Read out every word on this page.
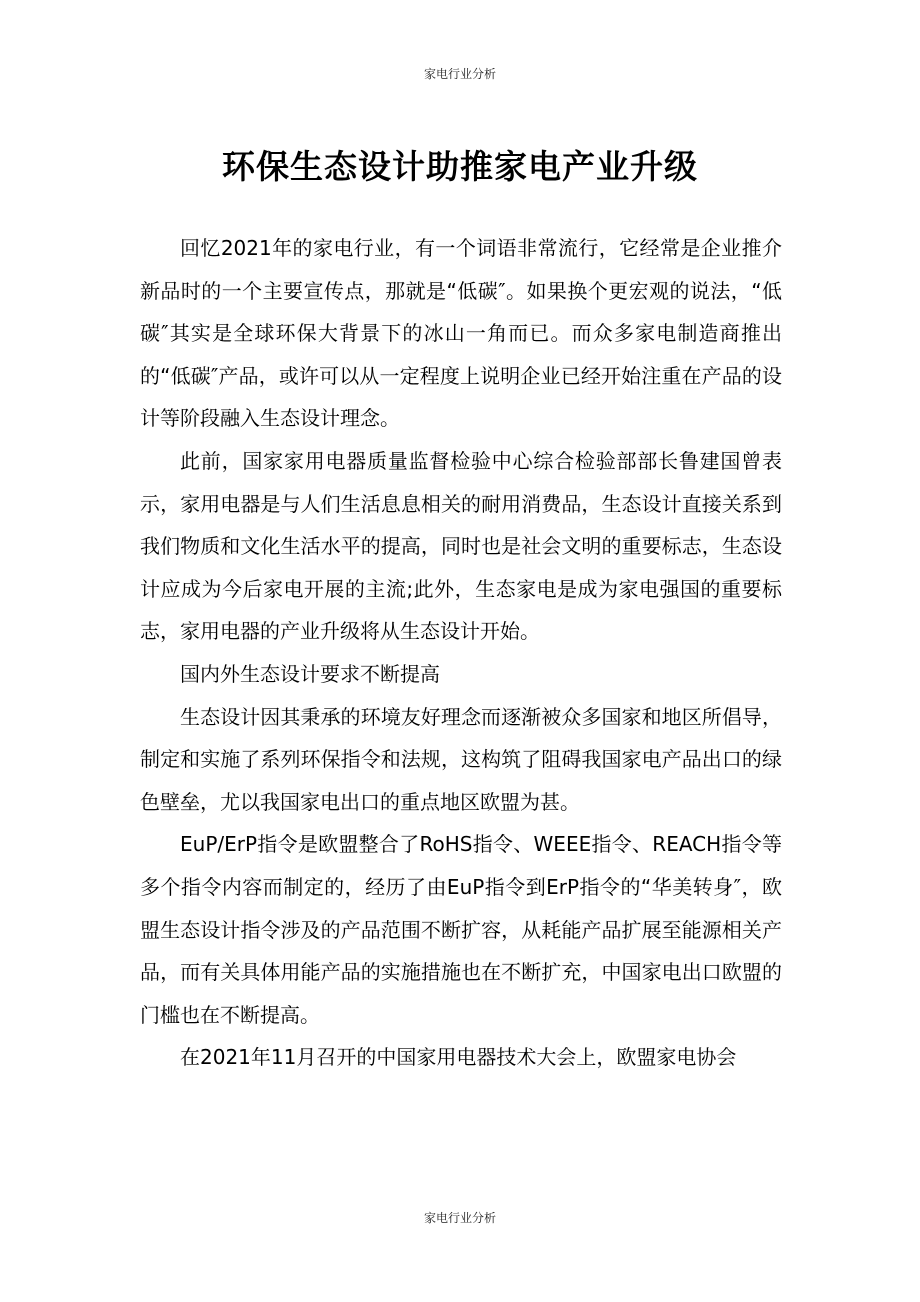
家电行业分析
环保生态设计助推家电产业升级

回忆2021年的家电行业，有一个词语非常流行，它经常是企业推介新品时的一个主要宣传点，那就是“低碳″。如果换个更宏观的说法，“低碳″其实是全球环保大背景下的冰山一角而已。而众多家电制造商推出的“低碳″产品，或许可以从一定程度上说明企业已经开始注重在产品的设计等阶段融入生态设计理念。

此前，国家家用电器质量监督检验中心综合检验部部长鲁建国曾表示，家用电器是与人们生活息息相关的耐用消费品，生态设计直接关系到我们物质和文化生活水平的提高，同时也是社会文明的重要标志，生态设计应成为今后家电开展的主流;此外，生态家电是成为家电强国的重要标志，家用电器的产业升级将从生态设计开始。

国内外生态设计要求不断提高

生态设计因其秉承的环境友好理念而逐渐被众多国家和地区所倡导，制定和实施了系列环保指令和法规，这构筑了阻碍我国家电产品出口的绿色壁垒，尤以我国家电出口的重点地区欧盟为甚。

EuP/ErP指令是欧盟整合了RoHS指令、WEEE指令、REACH指令等多个指令内容而制定的，经历了由EuP指令到ErP指令的“华美转身″，欧盟生态设计指令涉及的产品范围不断扩容，从耗能产品扩展至能源相关产品，而有关具体用能产品的实施措施也在不断扩充，中国家电出口欧盟的门槛也在不断提高。

在2021年11月召开的中国家用电器技术大会上，欧盟家电协会

家电行业分析
